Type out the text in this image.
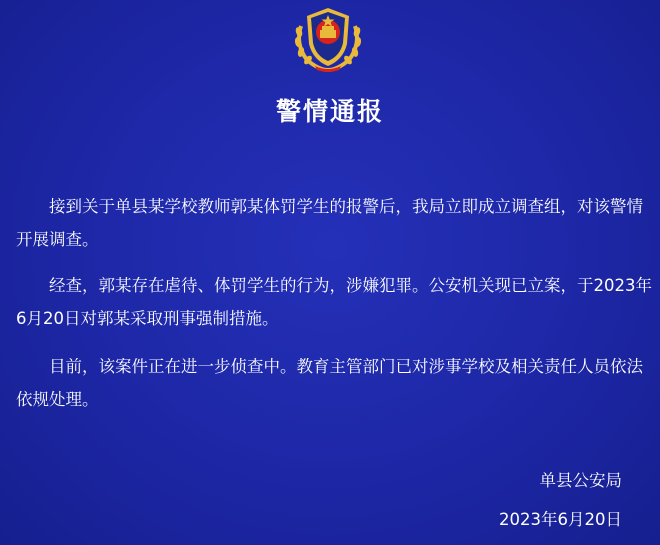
警情通报

接到关于单县某学校教师郭某体罚学生的报警后，我局立即成立调查组，对该警情开展调查。

经查，郭某存在虐待、体罚学生的行为，涉嫌犯罪。公安机关现已立案，于2023年6月20日对郭某采取刑事强制措施。

目前，该案件正在进一步侦查中。教育主管部门已对涉事学校及相关责任人员依法依规处理。

单县公安局
2023年6月20日
